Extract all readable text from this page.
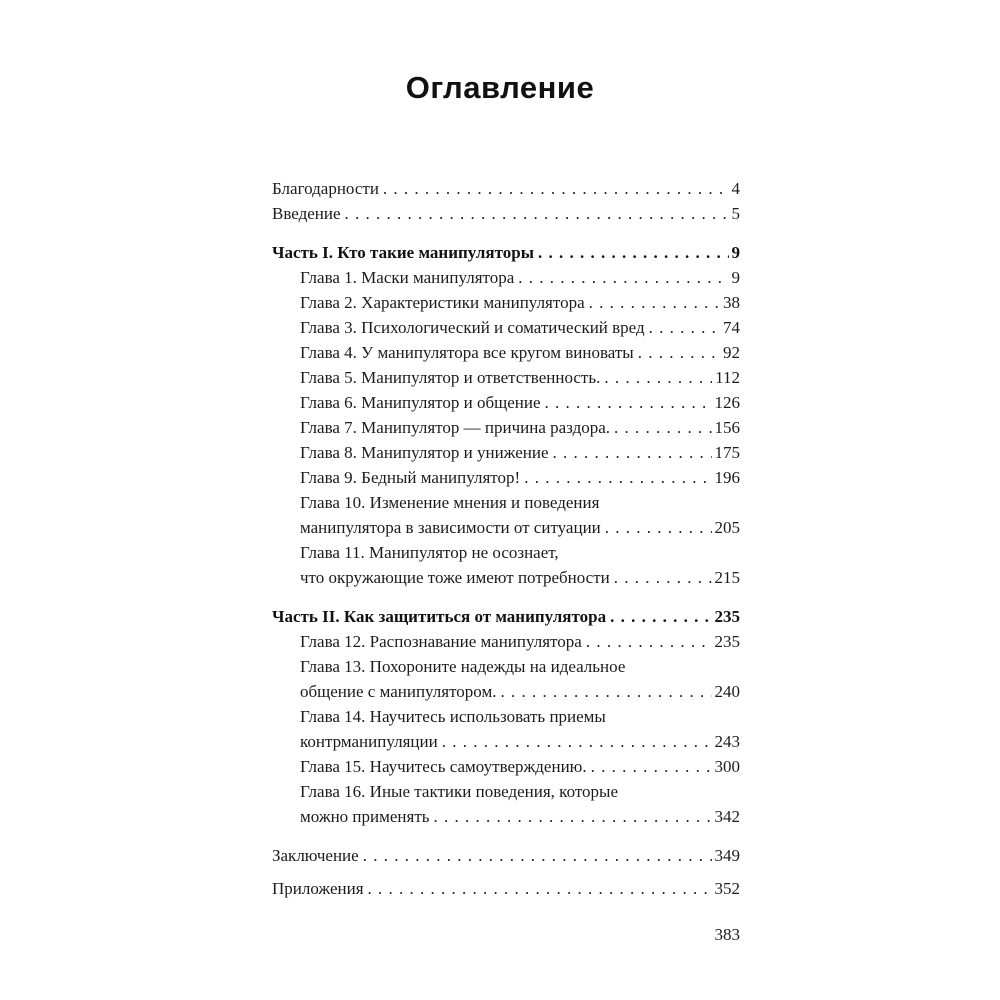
Оглавление
Благодарности . . .	4
Введение . . .	5
Часть I. Кто такие манипуляторы . . .	9
Глава 1. Маски манипулятора . . .	9
Глава 2. Характеристики манипулятора . . .	38
Глава 3. Психологический и соматический вред . . .	74
Глава 4. У манипулятора все кругом виноваты . . .	92
Глава 5. Манипулятор и ответственность. . . .	112
Глава 6. Манипулятор и общение . . .	126
Глава 7. Манипулятор — причина раздора. . . .	156
Глава 8. Манипулятор и унижение . . .	175
Глава 9. Бедный манипулятор! . . .	196
Глава 10. Изменение мнения и поведения
манипулятора в зависимости от ситуации . . .	205
Глава 11. Манипулятор не осознает,
что окружающие тоже имеют потребности . . .	215
Часть II. Как защититься от манипулятора . . .	235
Глава 12. Распознавание манипулятора . . .	235
Глава 13. Похороните надежды на идеальное
общение с манипулятором. . . .	240
Глава 14. Научитесь использовать приемы
контрманипуляции . . .	243
Глава 15. Научитесь самоутверждению. . . .	300
Глава 16. Иные тактики поведения, которые
можно применять . . .	342
Заключение . . .	349
Приложения . . .	352
383
